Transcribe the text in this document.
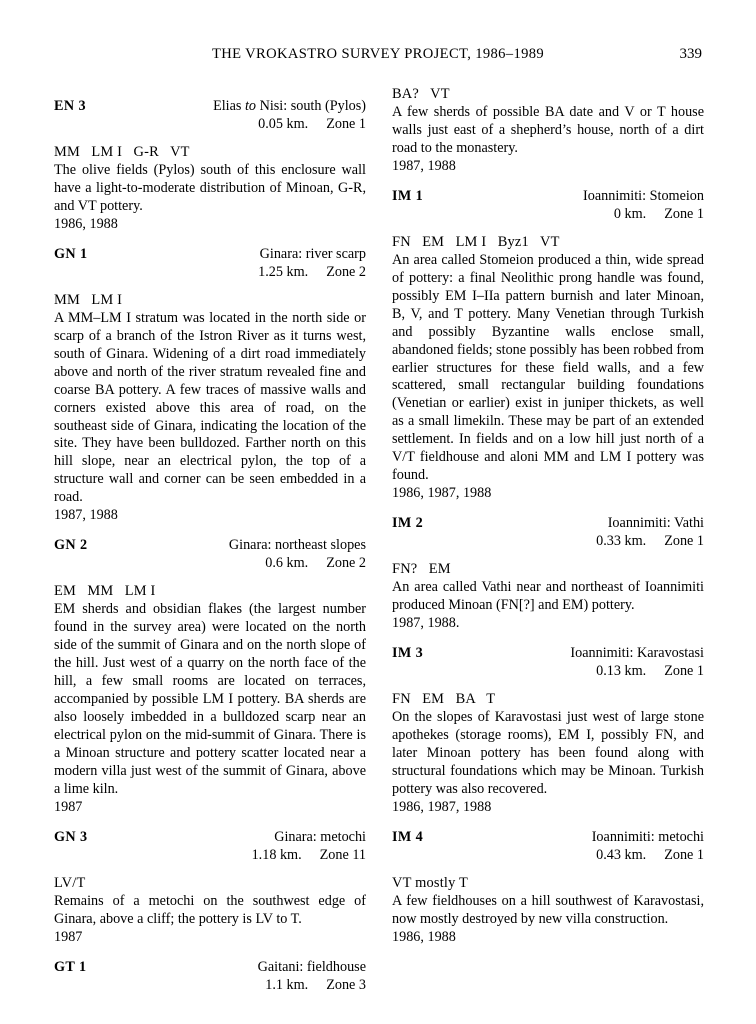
THE VROKASTRO SURVEY PROJECT, 1986–1989	339
EN 3	Elias to Nisi: south (Pylos)
0.05 km. Zone 1
MM   LM I   G-R   VT

The olive fields (Pylos) south of this enclosure wall have a light-to-moderate distribution of Minoan, G-R, and VT pottery.

1986, 1988

GN 1	Ginara: river scarp
1.25 km. Zone 2
MM   LM I

A MM–LM I stratum was located in the north side or scarp of a branch of the Istron River as it turns west, south of Ginara. Widening of a dirt road immediately above and north of the river stratum revealed fine and coarse BA pottery. A few traces of massive walls and corners existed above this area of road, on the southeast side of Ginara, indicating the location of the site. They have been bulldozed. Farther north on this hill slope, near an electrical pylon, the top of a structure wall and corner can be seen embedded in a road.

1987, 1988

GN 2	Ginara: northeast slopes
0.6 km. Zone 2
EM   MM   LM I

EM sherds and obsidian flakes (the largest number found in the survey area) were located on the north side of the summit of Ginara and on the north slope of the hill. Just west of a quarry on the north face of the hill, a few small rooms are located on terraces, accompanied by possible LM I pottery. BA sherds are also loosely imbedded in a bulldozed scarp near an electrical pylon on the mid-summit of Ginara. There is a Minoan structure and pottery scatter located near a modern villa just west of the summit of Ginara, above a lime kiln.

1987

GN 3	Ginara: metochi
1.18 km. Zone 11
LV/T

Remains of a metochi on the southwest edge of Ginara, above a cliff; the pottery is LV to T.

1987

GT 1	Gaitani: fieldhouse
1.1 km. Zone 3
BA?   VT

A few sherds of possible BA date and V or T house walls just east of a shepherd’s house, north of a dirt road to the monastery.

1987, 1988

IM 1	Ioannimiti: Stomeion
0 km. Zone 1
FN   EM   LM I   Byz1   VT

An area called Stomeion produced a thin, wide spread of pottery: a final Neolithic prong handle was found, possibly EM I–IIa pattern burnish and later Minoan, B, V, and T pottery. Many Venetian through Turkish and possibly Byzantine walls enclose small, abandoned fields; stone possibly has been robbed from earlier structures for these field walls, and a few scattered, small rectangular building foundations (Venetian or earlier) exist in juniper thickets, as well as a small limekiln. These may be part of an extended settlement. In fields and on a low hill just north of a V/T fieldhouse and aloni MM and LM I pottery was found.

1986, 1987, 1988

IM 2	Ioannimiti: Vathi
0.33 km. Zone 1
FN?   EM

An area called Vathi near and northeast of Ioannimiti produced Minoan (FN[?] and EM) pottery.

1987, 1988.

IM 3	Ioannimiti: Karavostasi
0.13 km. Zone 1
FN   EM   BA   T

On the slopes of Karavostasi just west of large stone apothekes (storage rooms), EM I, possibly FN, and later Minoan pottery has been found along with structural foundations which may be Minoan. Turkish pottery was also recovered.

1986, 1987, 1988

IM 4	Ioannimiti: metochi
0.43 km. Zone 1
VT mostly T

A few fieldhouses on a hill southwest of Karavostasi, now mostly destroyed by new villa construction.

1986, 1988
